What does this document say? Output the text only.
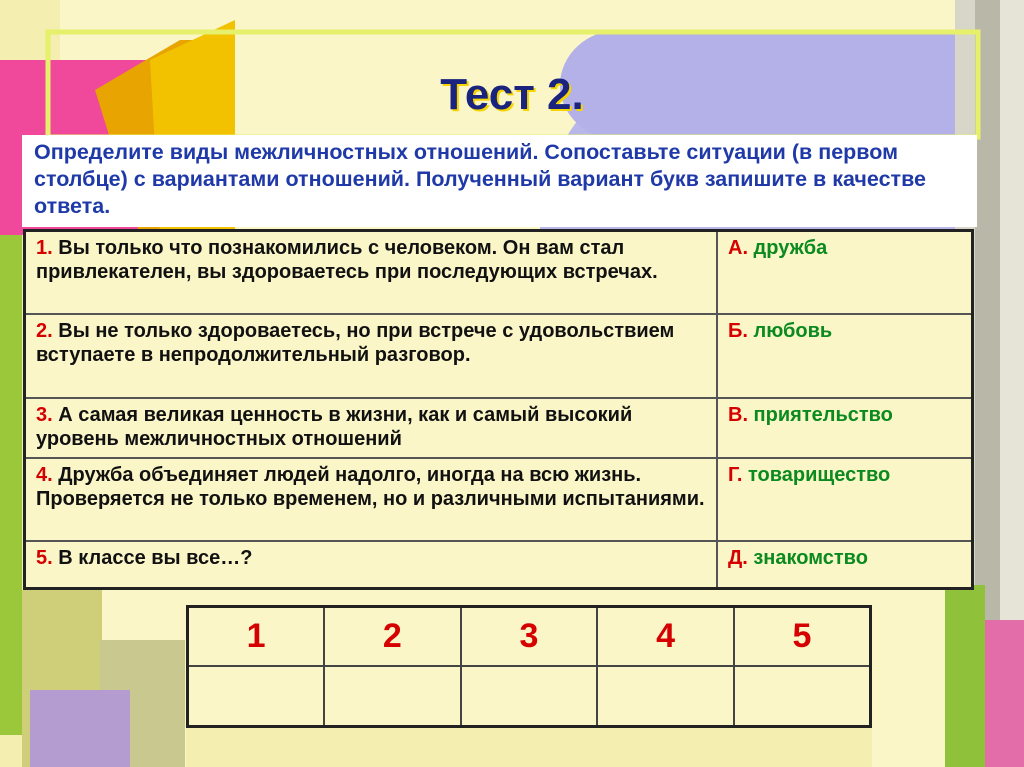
Тест 2.
Определите виды межличностных отношений. Сопоставьте ситуации (в первом столбце) с вариантами отношений. Полученный вариант букв запишите в качестве ответа.
1. Вы только что познакомились с человеком. Он вам стал привлекателен, вы здороваетесь при последующих встречах.	А. дружба
2. Вы не только здороваетесь, но при встрече с удовольствием вступаете в непродолжительный разговор.	Б. любовь
3. А самая великая ценность в жизни, как и самый высокий уровень межличностных отношений	В. приятельство
4. Дружба объединяет людей надолго, иногда на всю жизнь. Проверяется не только временем, но и различными испытаниями.	Г. товарищество
5. В классе вы все…?	Д. знакомство
1	2	3	4	5
